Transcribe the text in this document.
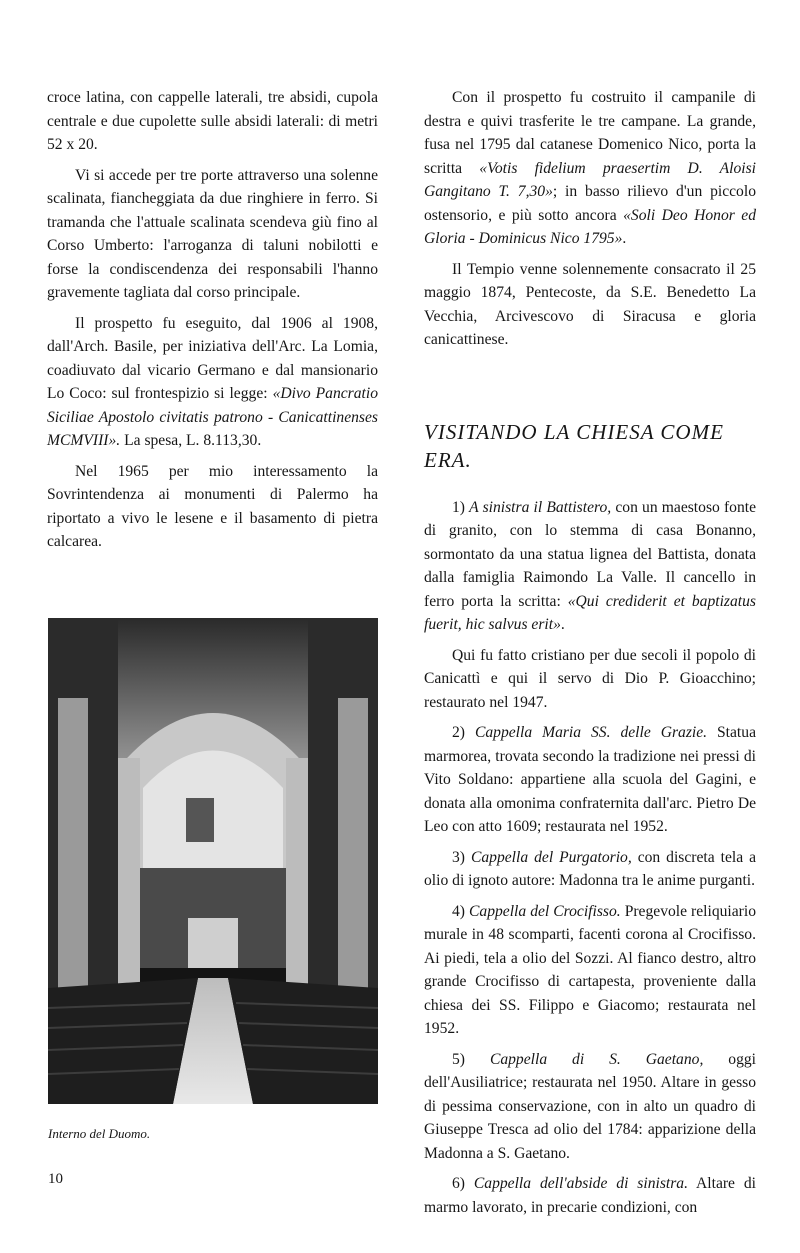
croce latina, con cappelle laterali, tre absidi, cupola centrale e due cupolette sulle absidi laterali: di metri 52 x 20.

Vi si accede per tre porte attraverso una solenne scalinata, fiancheggiata da due ringhiere in ferro. Si tramanda che l'attuale scalinata scendeva giù fino al Corso Umberto: l'arroganza di taluni nobilotti e forse la condiscendenza dei responsabili l'hanno gravemente tagliata dal corso principale.

Il prospetto fu eseguito, dal 1906 al 1908, dall'Arch. Basile, per iniziativa dell'Arc. La Lomia, coadiuvato dal vicario Germano e dal mansionario Lo Coco: sul frontespizio si legge: «Divo Pancratio Siciliae Apostolo civitatis patrono - Canicattinenses MCMVIII». La spesa, L. 8.113,30.

Nel 1965 per mio interessamento la Sovrintendenza ai monumenti di Palermo ha riportato a vivo le lesene e il basamento di pietra calcarea.

Interno del Duomo.

Con il prospetto fu costruito il campanile di destra e quivi trasferite le tre campane. La grande, fusa nel 1795 dal catanese Domenico Nico, porta la scritta «Votis fidelium praesertim D. Aloisi Gangitano T. 7,30»; in basso rilievo d'un piccolo ostensorio, e più sotto ancora «Soli Deo Honor ed Gloria - Dominicus Nico 1795».

Il Tempio venne solennemente consacrato il 25 maggio 1874, Pentecoste, da S.E. Benedetto La Vecchia, Arcivescovo di Siracusa e gloria canicattinese.

VISITANDO LA CHIESA COME ERA.

1) A sinistra il Battistero, con un maestoso fonte di granito, con lo stemma di casa Bonanno, sormontato da una statua lignea del Battista, donata dalla famiglia Raimondo La Valle. Il cancello in ferro porta la scritta: «Qui crediderit et baptizatus fuerit, hic salvus erit».

Qui fu fatto cristiano per due secoli il popolo di Canicattì e qui il servo di Dio P. Gioacchino; restaurato nel 1947.

2) Cappella Maria SS. delle Grazie. Statua marmorea, trovata secondo la tradizione nei pressi di Vito Soldano: appartiene alla scuola del Gagini, e donata alla omonima confraternita dall'arc. Pietro De Leo con atto 1609; restaurata nel 1952.

3) Cappella del Purgatorio, con discreta tela a olio di ignoto autore: Madonna tra le anime purganti.

4) Cappella del Crocifisso. Pregevole reliquiario murale in 48 scomparti, facenti corona al Crocifisso. Ai piedi, tela a olio del Sozzi. Al fianco destro, altro grande Crocifisso di cartapesta, proveniente dalla chiesa dei SS. Filippo e Giacomo; restaurata nel 1952.

5) Cappella di S. Gaetano, oggi dell'Ausiliatrice; restaurata nel 1950. Altare in gesso di pessima conservazione, con in alto un quadro di Giuseppe Tresca ad olio del 1784: apparizione della Madonna a S. Gaetano.

6) Cappella dell'abside di sinistra. Altare di marmo lavorato, in precarie condizioni, con

10
